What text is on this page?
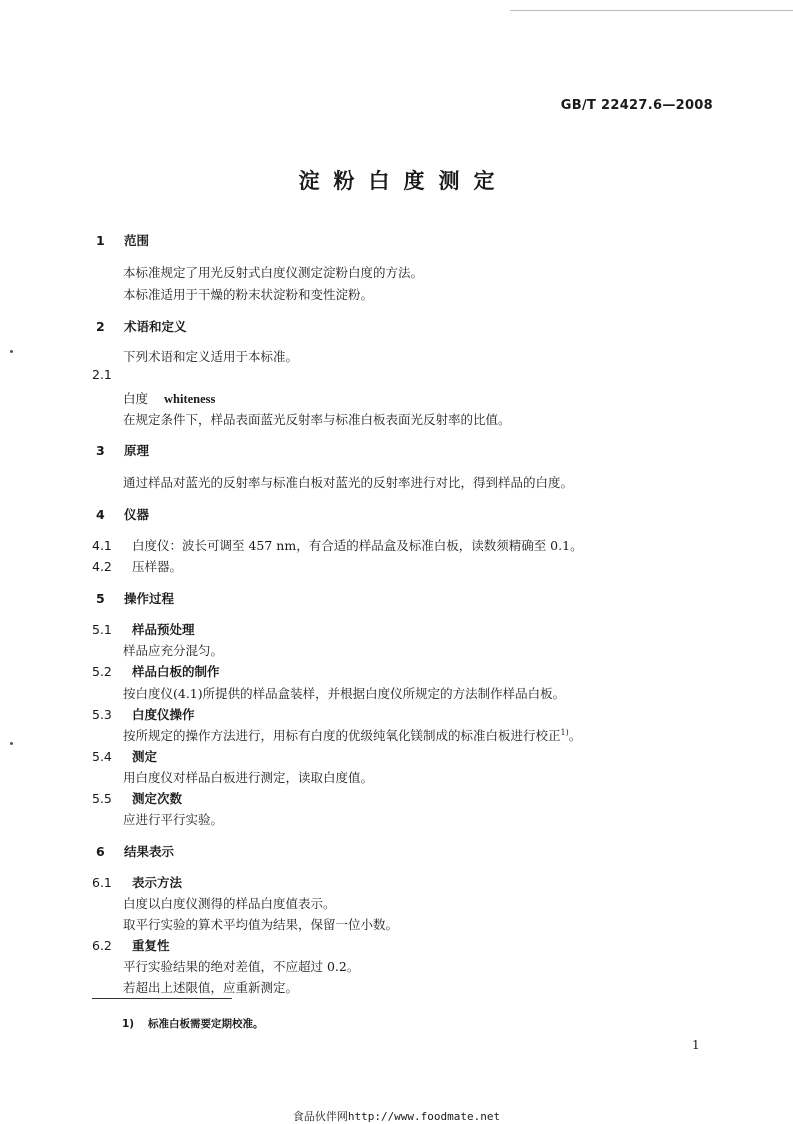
GB/T 22427.6—2008
淀粉白度测定
1 范围
本标准规定了用光反射式白度仪测定淀粉白度的方法。
本标准适用于干燥的粉末状淀粉和变性淀粉。
2 术语和定义
下列术语和定义适用于本标准。
2.1
白度 whiteness
在规定条件下，样品表面蓝光反射率与标准白板表面光反射率的比值。
3 原理
通过样品对蓝光的反射率与标准白板对蓝光的反射率进行对比，得到样品的白度。
4 仪器
4.1 白度仪：波长可调至 457 nm，有合适的样品盒及标准白板，读数须精确至 0.1。
4.2 压样器。
5 操作过程
5.1 样品预处理
样品应充分混匀。
5.2 样品白板的制作
按白度仪(4.1)所提供的样品盒装样，并根据白度仪所规定的方法制作样品白板。
5.3 白度仪操作
按所规定的操作方法进行，用标有白度的优级纯氧化镁制成的标准白板进行校正$^{1)}$。
5.4 测定
用白度仪对样品白板进行测定，读取白度值。
5.5 测定次数
应进行平行实验。
6 结果表示
6.1 表示方法
白度以白度仪测得的样品白度值表示。
取平行实验的算术平均值为结果，保留一位小数。
6.2 重复性
平行实验结果的绝对差值，不应超过 0.2。
若超出上述限值，应重新测定。
1) 标准白板需要定期校准。
1
食品伙伴网http://www.foodmate.net
